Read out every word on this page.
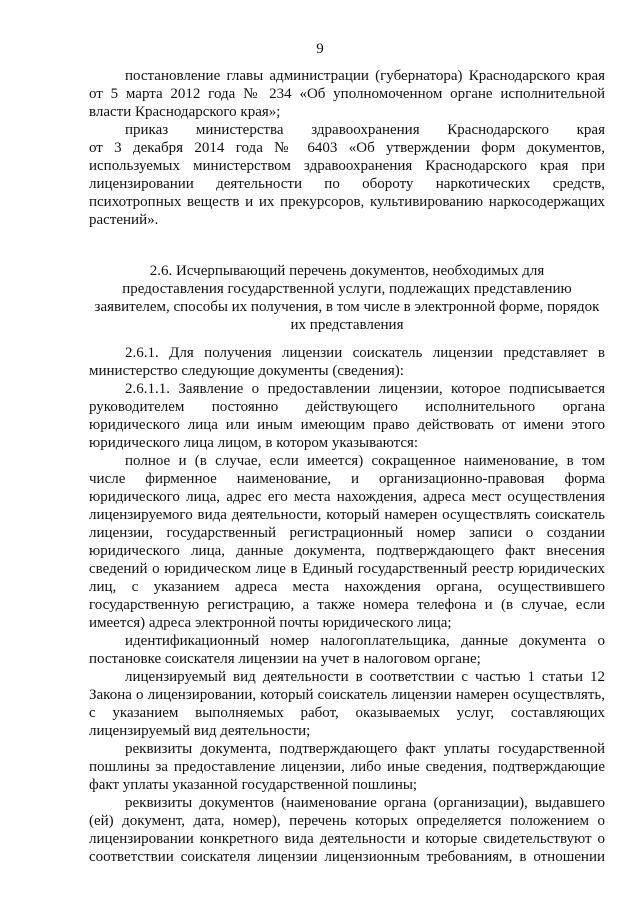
9
постановление главы администрации (губернатора) Краснодарского края
от 5 марта 2012 года № 234 «Об уполномоченном органе исполнительной
власти Краснодарского края»;
приказ министерства здравоохранения Краснодарского края
от 3 декабря 2014 года № 6403 «Об утверждении форм документов,
используемых министерством здравоохранения Краснодарского края при
лицензировании деятельности по обороту наркотических средств,
психотропных веществ и их прекурсоров, культивированию наркосодержащих
растений».
2.6. Исчерпывающий перечень документов, необходимых для
предоставления государственной услуги, подлежащих представлению
заявителем, способы их получения, в том числе в электронной форме, порядок
их представления
2.6.1. Для получения лицензии соискатель лицензии представляет в
министерство следующие документы (сведения):
2.6.1.1. Заявление о предоставлении лицензии, которое подписывается
руководителем постоянно действующего исполнительного органа
юридического лица или иным имеющим право действовать от имени этого
юридического лица лицом, в котором указываются:
полное и (в случае, если имеется) сокращенное наименование, в том
числе фирменное наименование, и организационно-правовая форма
юридического лица, адрес его места нахождения, адреса мест осуществления
лицензируемого вида деятельности, который намерен осуществлять соискатель
лицензии, государственный регистрационный номер записи о создании
юридического лица, данные документа, подтверждающего факт внесения
сведений о юридическом лице в Единый государственный реестр юридических
лиц, с указанием адреса места нахождения органа, осуществившего
государственную регистрацию, а также номера телефона и (в случае, если
имеется) адреса электронной почты юридического лица;
идентификационный номер налогоплательщика, данные документа о
постановке соискателя лицензии на учет в налоговом органе;
лицензируемый вид деятельности в соответствии с частью 1 статьи 12
Закона о лицензировании, который соискатель лицензии намерен осуществлять,
с указанием выполняемых работ, оказываемых услуг, составляющих
лицензируемый вид деятельности;
реквизиты документа, подтверждающего факт уплаты государственной
пошлины за предоставление лицензии, либо иные сведения, подтверждающие
факт уплаты указанной государственной пошлины;
реквизиты документов (наименование органа (организации), выдавшего
(ей) документ, дата, номер), перечень которых определяется положением о
лицензировании конкретного вида деятельности и которые свидетельствуют о
соответствии соискателя лицензии лицензионным требованиям, в отношении
